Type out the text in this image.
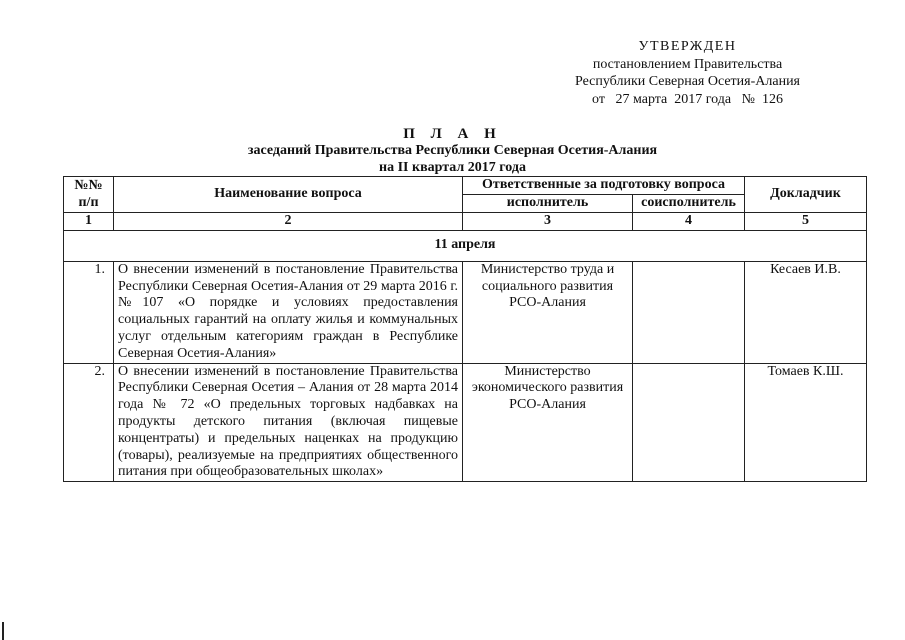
УТВЕРЖДЕН
постановлением Правительства
Республики Северная Осетия-Алания
от 27 марта  2017 года № 126
П Л А Н
заседаний Правительства Республики Северная Осетия-Алания
на II квартал 2017 года
№№ п/п	Наименование вопроса	Ответственные за подготовку вопроса		Докладчик
		исполнитель	соисполнитель	
1	2	3	4	5
11 апреля				
1.	О внесении изменений в постановление Правительства Республики Северная Осетия-Алания от 29 марта 2016 г. №107 «О порядке и условиях предоставления социальных гарантий на оплату жилья и коммунальных услуг отдельным категориям граждан в Республике Северная Осетия-Алания»	Министерство труда и социального развития РСО-Алания		Кесаев И.В.
2.	О внесении изменений в постановление Правительства Республики Северная Осетия – Алания от 28 марта 2014 года № 72 «О предельных торговых надбавках на продукты детского питания (включая пищевые концентраты) и предельных наценках на продукцию (товары), реализуемые на предприятиях общественного питания при общеобразовательных школах»	Министерство экономического развития РСО-Алания		Томаев К.Ш.
